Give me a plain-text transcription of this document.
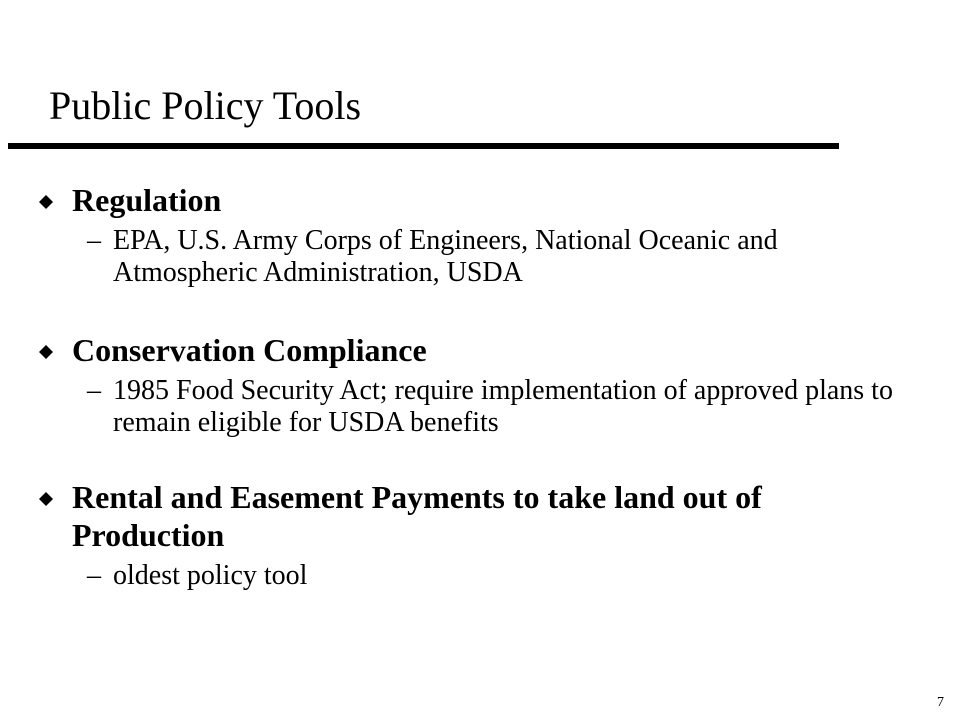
Public Policy Tools
Regulation
– EPA, U.S. Army Corps of Engineers, National Oceanic and Atmospheric Administration, USDA
Conservation Compliance
– 1985 Food Security Act; require implementation of approved plans to remain eligible for USDA benefits
Rental and Easement Payments to take land out of Production
– oldest policy tool
7
